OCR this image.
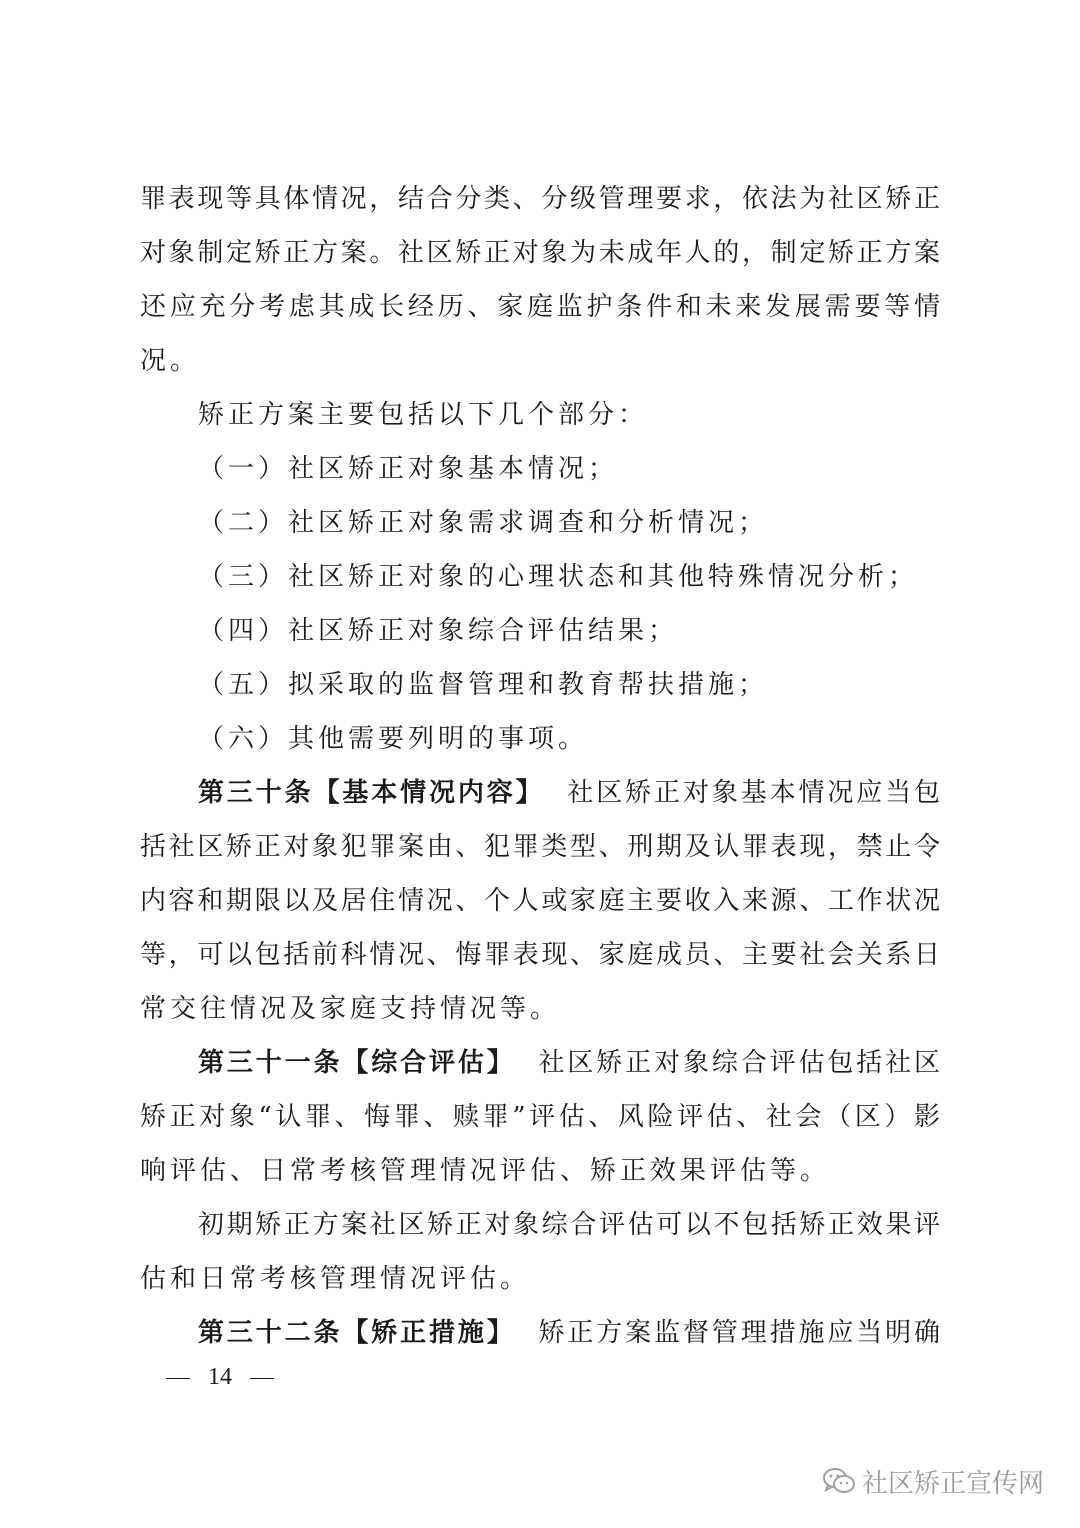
罪表现等具体情况，结合分类、分级管理要求，依法为社区矫正
对象制定矫正方案。社区矫正对象为未成年人的，制定矫正方案
还应充分考虑其成长经历、家庭监护条件和未来发展需要等情
况。
矫正方案主要包括以下几个部分：
（一）社区矫正对象基本情况；
（二）社区矫正对象需求调查和分析情况；
（三）社区矫正对象的心理状态和其他特殊情况分析；
（四）社区矫正对象综合评估结果；
（五）拟采取的监督管理和教育帮扶措施；
（六）其他需要列明的事项。
第三十条【基本情况内容】 社区矫正对象基本情况应当包
括社区矫正对象犯罪案由、犯罪类型、刑期及认罪表现，禁止令
内容和期限以及居住情况、个人或家庭主要收入来源、工作状况
等，可以包括前科情况、悔罪表现、家庭成员、主要社会关系日
常交往情况及家庭支持情况等。
第三十一条【综合评估】 社区矫正对象综合评估包括社区
矫正对象“认罪、悔罪、赎罪”评估、风险评估、社会（区）影
响评估、日常考核管理情况评估、矫正效果评估等。
初期矫正方案社区矫正对象综合评估可以不包括矫正效果评
估和日常考核管理情况评估。
第三十二条【矫正措施】 矫正方案监督管理措施应当明确
14
社区矫正宣传网
